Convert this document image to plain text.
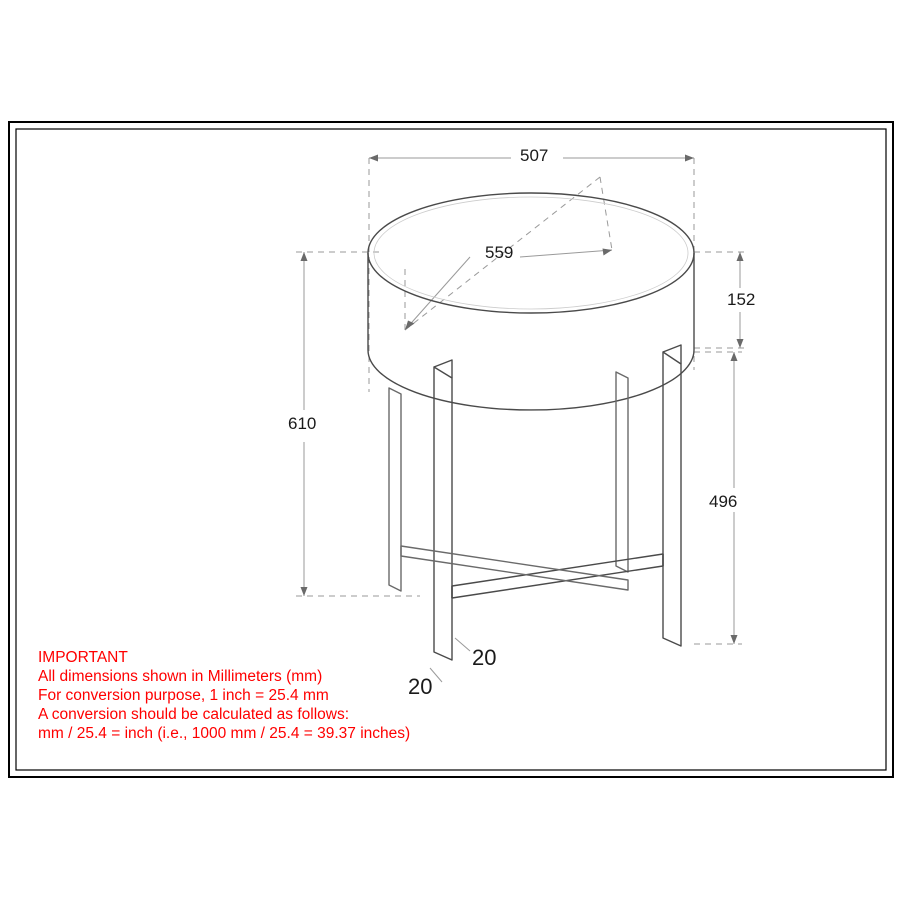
507
559
152
610
496
20
20
IMPORTANT
All dimensions shown in Millimeters (mm)
For conversion purpose, 1 inch = 25.4 mm
A conversion should be calculated as follows:
mm / 25.4 = inch (i.e., 1000 mm / 25.4 = 39.37 inches)
